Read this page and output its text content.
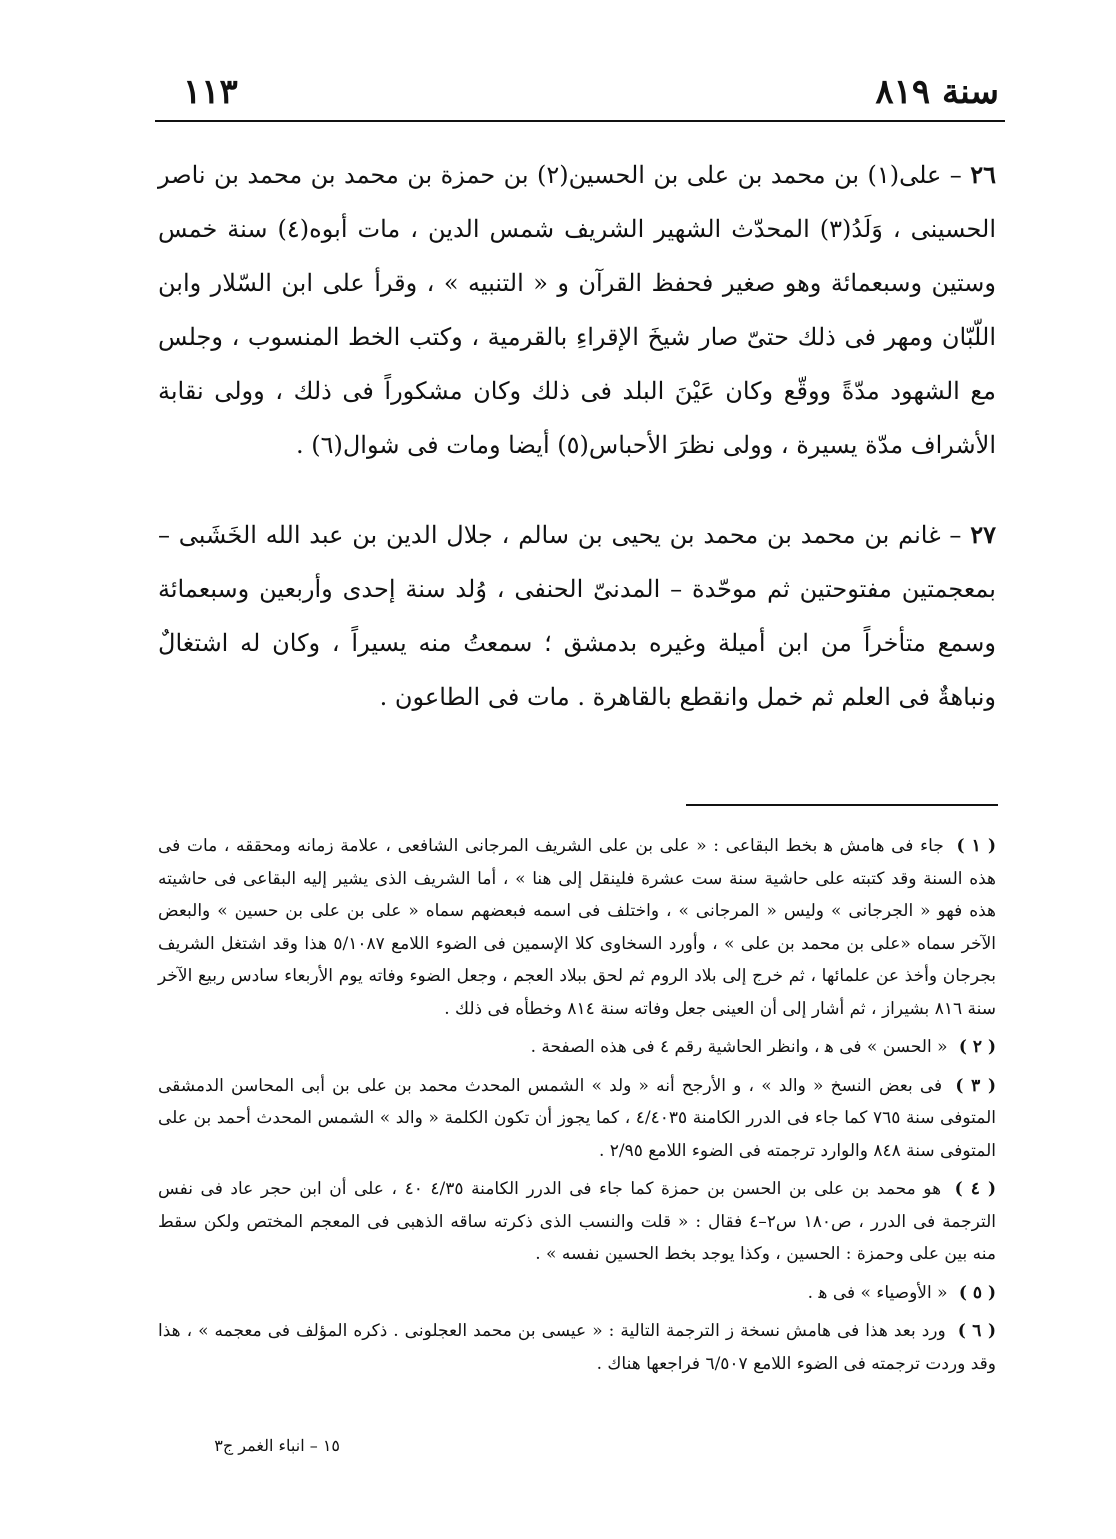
سنة ٨١٩
١١٣

٢٦ – على(١) بن محمد بن على بن الحسين(٢) بن حمزة بن محمد بن محمد بن ناصر الحسينى ، وَلَدُ(٣) المحدّث الشهير الشريف شمس الدين ، مات أبوه(٤) سنة خمس وستين وسبعمائة وهو صغير فحفظ القرآن و « التنبيه » ، وقرأ على ابن السّلار وابن اللّبّان ومهر فى ذلك حتىّ صار شيخَ الإقراءِ بالقرمية ، وكتب الخط المنسوب ، وجلس مع الشهود مدّةً ووقّع وكان عَيْنَ البلد فى ذلك وكان مشكوراً فى ذلك ، وولى نقابة الأشراف مدّة يسيرة ، وولى نظرَ الأحباس(٥) أيضا ومات فى شوال(٦) .

٢٧ – غانم بن محمد بن محمد بن يحيى بن سالم ، جلال الدين بن عبد الله الخَشَبى – بمعجمتين مفتوحتين ثم موحّدة – المدنىّ الحنفى ، وُلد سنة إحدى وأربعين وسبعمائة وسمع متأخراً من ابن أميلة وغيره بدمشق ؛ سمعتُ منه يسيراً ، وكان له اشتغالٌ ونباهةٌ فى العلم ثم خمل وانقطع بالقاهرة . مات فى الطاعون .

( ١ ) جاء فى هامش ﻫ بخط البقاعى : « على بن على الشريف المرجانى الشافعى ، علامة زمانه ومحققه ، مات فى هذه السنة وقد كتبته على حاشية سنة ست عشرة فلينقل إلى هنا » ، أما الشريف الذى يشير إليه البقاعى فى حاشيته هذه فهو « الجرجانى » وليس « المرجانى » ، واختلف فى اسمه فبعضهم سماه « على بن على بن حسين » والبعض الآخر سماه «على بن محمد بن على » ، وأورد السخاوى كلا الإسمين فى الضوء اللامع ٥/١٠٨٧ هذا وقد اشتغل الشريف بجرجان وأخذ عن علمائها ، ثم خرج إلى بلاد الروم ثم لحق ببلاد العجم ، وجعل الضوء وفاته يوم الأربعاء سادس ربيع الآخر سنة ٨١٦ بشيراز ، ثم أشار إلى أن العينى جعل وفاته سنة ٨١٤ وخطأه فى ذلك .

( ٢ ) « الحسن » فى ﻫ ، وانظر الحاشية رقم ٤ فى هذه الصفحة .

( ٣ ) فى بعض النسخ « والد » ، و الأرجح أنه « ولد » الشمس المحدث محمد بن على بن أبى المحاسن الدمشقى المتوفى سنة ٧٦٥ كما جاء فى الدرر الكامنة ٤/٤٠٣٥ ، كما يجوز أن تكون الكلمة « والد » الشمس المحدث أحمد بن على المتوفى سنة ٨٤٨ والوارد ترجمته فى الضوء اللامع ٢/٩٥ .

( ٤ ) هو محمد بن على بن الحسن بن حمزة كما جاء فى الدرر الكامنة ٤/٣٥ ٤٠ ، على أن ابن حجر عاد فى نفس الترجمة فى الدرر ، ص١٨٠ س٢–٤ فقال : « قلت والنسب الذى ذكرته ساقه الذهبى فى المعجم المختص ولكن سقط منه بين على وحمزة : الحسين ، وكذا يوجد بخط الحسين نفسه » .

( ٥ ) « الأوصياء » فى ﻫ .

( ٦ ) ورد بعد هذا فى هامش نسخة ز الترجمة التالية : « عيسى بن محمد العجلونى . ذكره المؤلف فى معجمه » ، هذا وقد وردت ترجمته فى الضوء اللامع ٦/٥٠٧ فراجعها هناك .

١٥ – انباء الغمر ج٣
